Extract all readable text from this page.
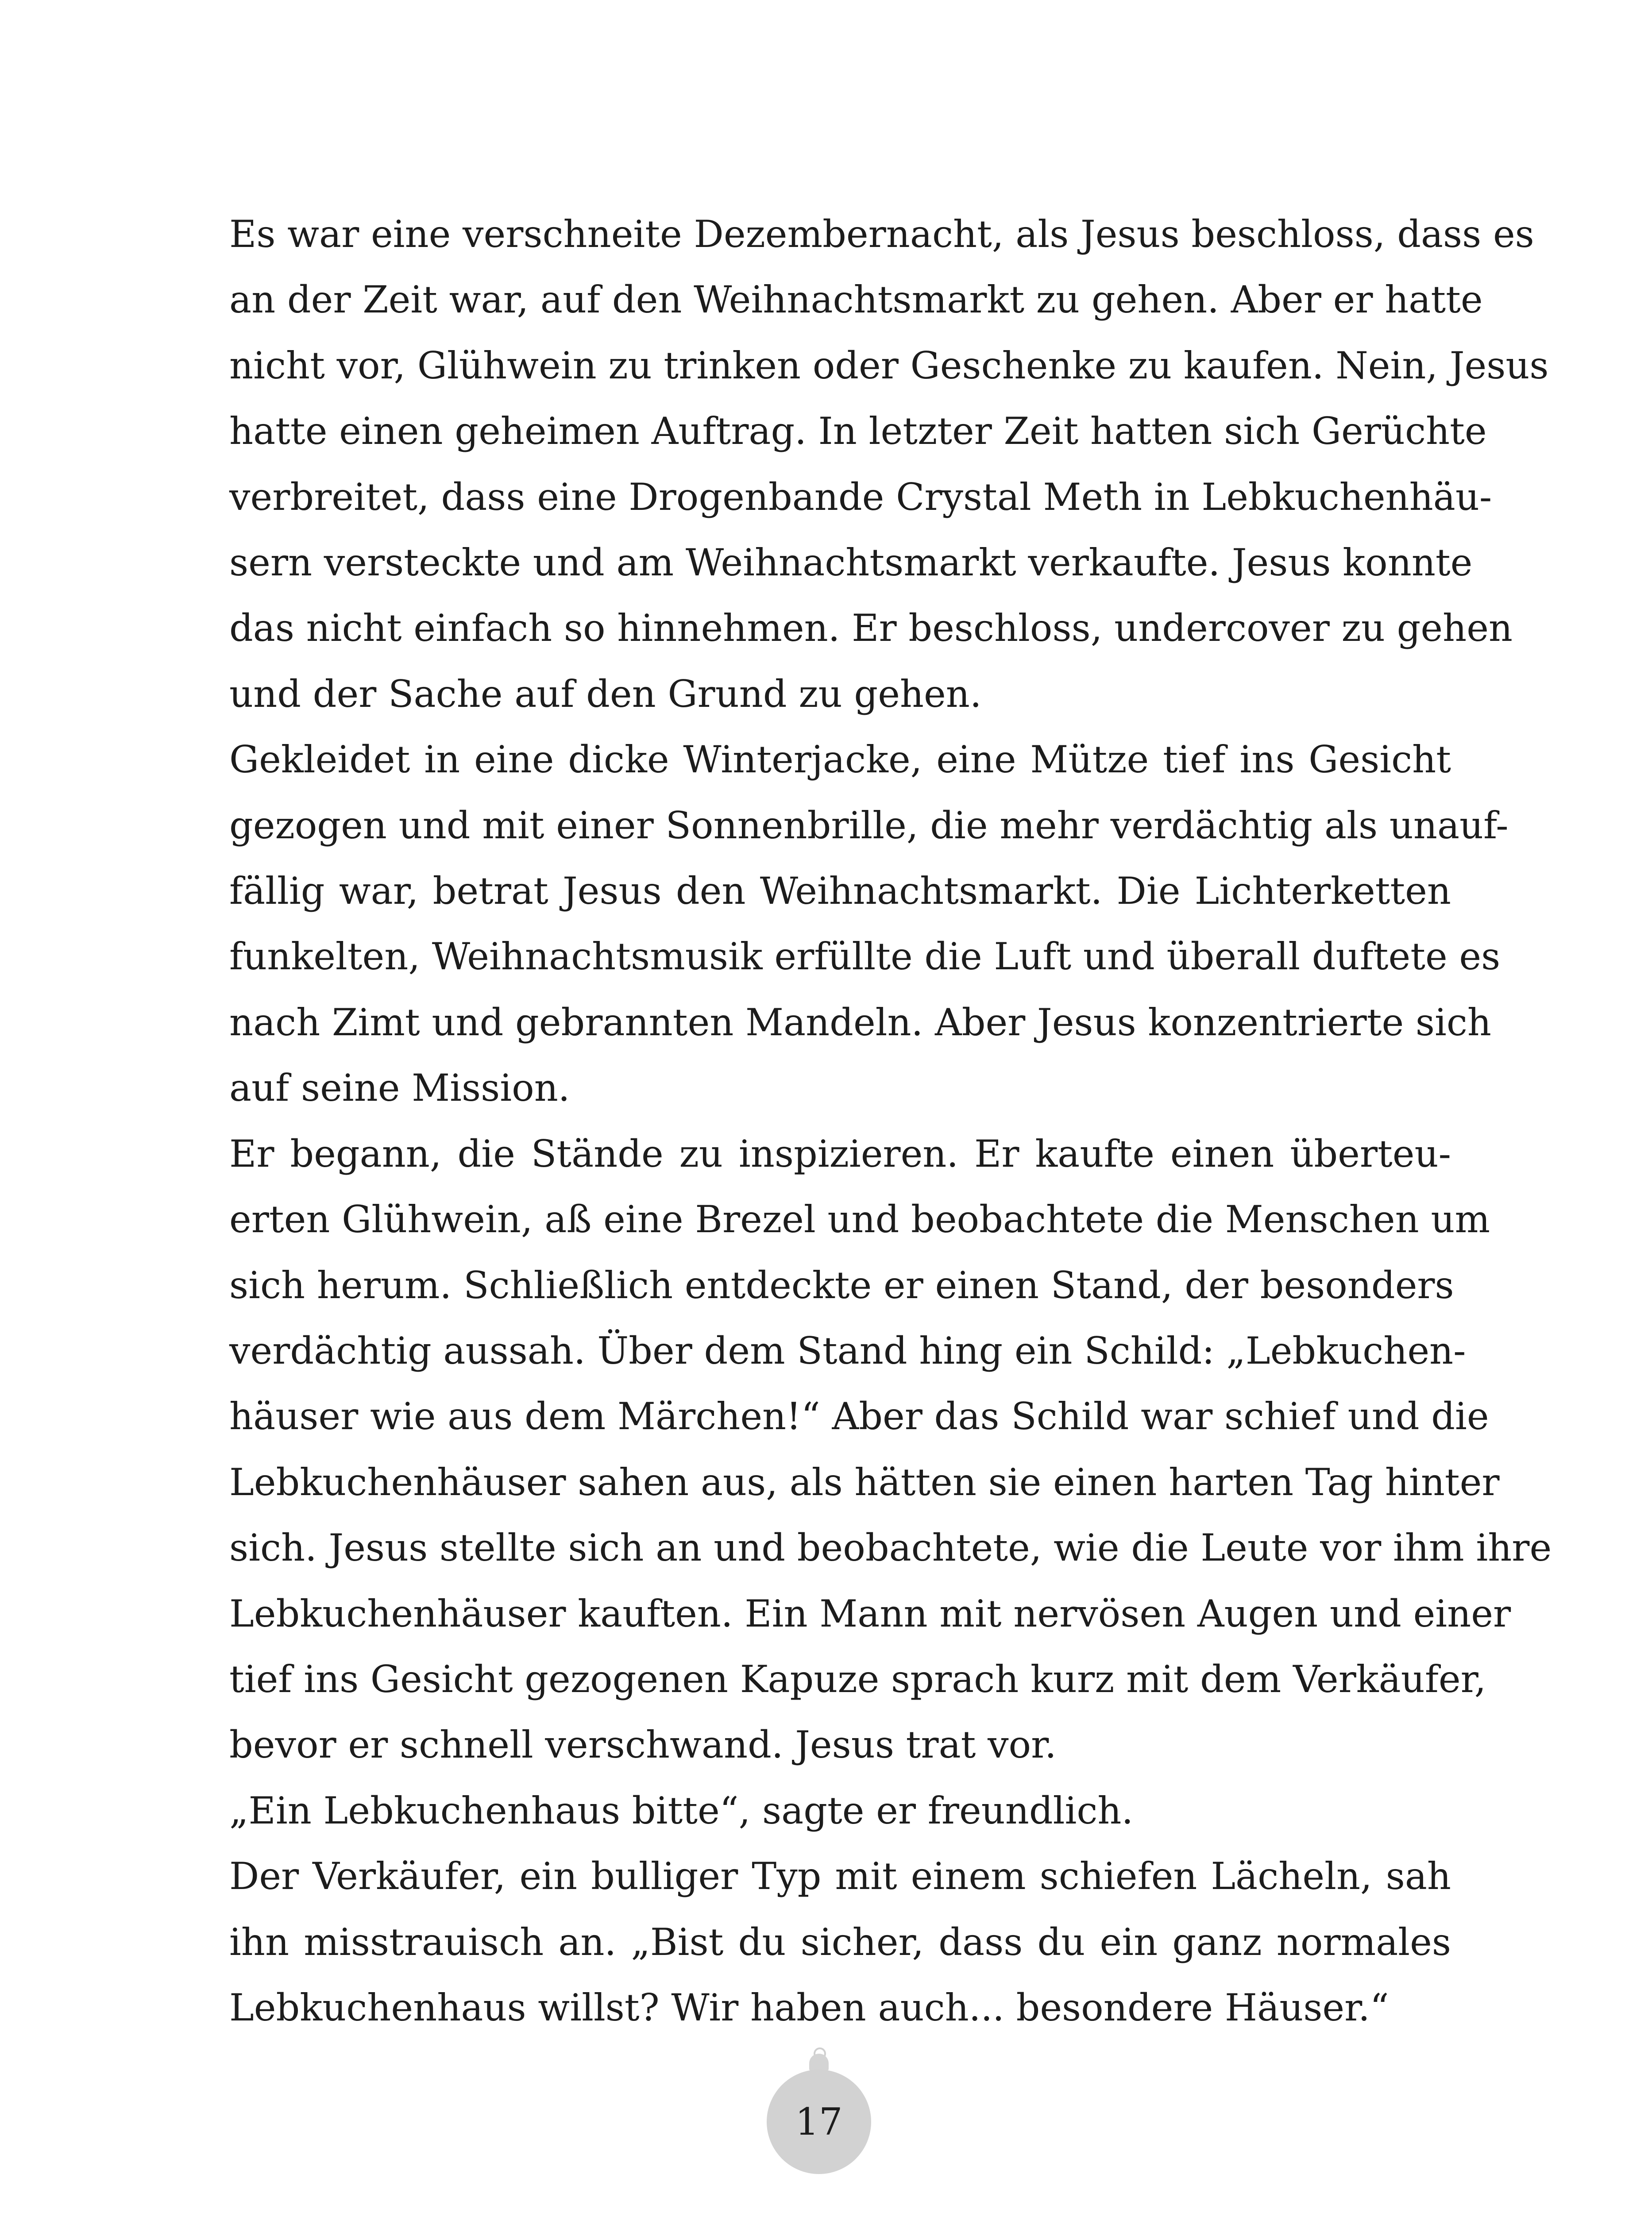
Es war eine verschneite Dezembernacht, als Jesus beschloss, dass es
an der Zeit war, auf den Weihnachtsmarkt zu gehen. Aber er hatte
nicht vor, Glühwein zu trinken oder Geschenke zu kaufen. Nein, Jesus
hatte einen geheimen Auftrag. In letzter Zeit hatten sich Gerüchte
verbreitet, dass eine Drogenbande Crystal Meth in Lebkuchenhäu-
sern versteckte und am Weihnachtsmarkt verkaufte. Jesus konnte
das nicht einfach so hinnehmen. Er beschloss, undercover zu gehen
und der Sache auf den Grund zu gehen.
Gekleidet in eine dicke Winterjacke, eine Mütze tief ins Gesicht
gezogen und mit einer Sonnenbrille, die mehr verdächtig als unauf-
fällig war, betrat Jesus den Weihnachtsmarkt. Die Lichterketten
funkelten, Weihnachtsmusik erfüllte die Luft und überall duftete es
nach Zimt und gebrannten Mandeln. Aber Jesus konzentrierte sich
auf seine Mission.
Er begann, die Stände zu inspizieren. Er kaufte einen überteu-
erten Glühwein, aß eine Brezel und beobachtete die Menschen um
sich herum. Schließlich entdeckte er einen Stand, der besonders
verdächtig aussah. Über dem Stand hing ein Schild: „Lebkuchen-
häuser wie aus dem Märchen!“ Aber das Schild war schief und die
Lebkuchenhäuser sahen aus, als hätten sie einen harten Tag hinter
sich. Jesus stellte sich an und beobachtete, wie die Leute vor ihm ihre
Lebkuchenhäuser kauften. Ein Mann mit nervösen Augen und einer
tief ins Gesicht gezogenen Kapuze sprach kurz mit dem Verkäufer,
bevor er schnell verschwand. Jesus trat vor.
„Ein Lebkuchenhaus bitte“, sagte er freundlich.
Der Verkäufer, ein bulliger Typ mit einem schiefen Lächeln, sah
ihn misstrauisch an. „Bist du sicher, dass du ein ganz normales
Lebkuchenhaus willst? Wir haben auch... besondere Häuser.“
17
